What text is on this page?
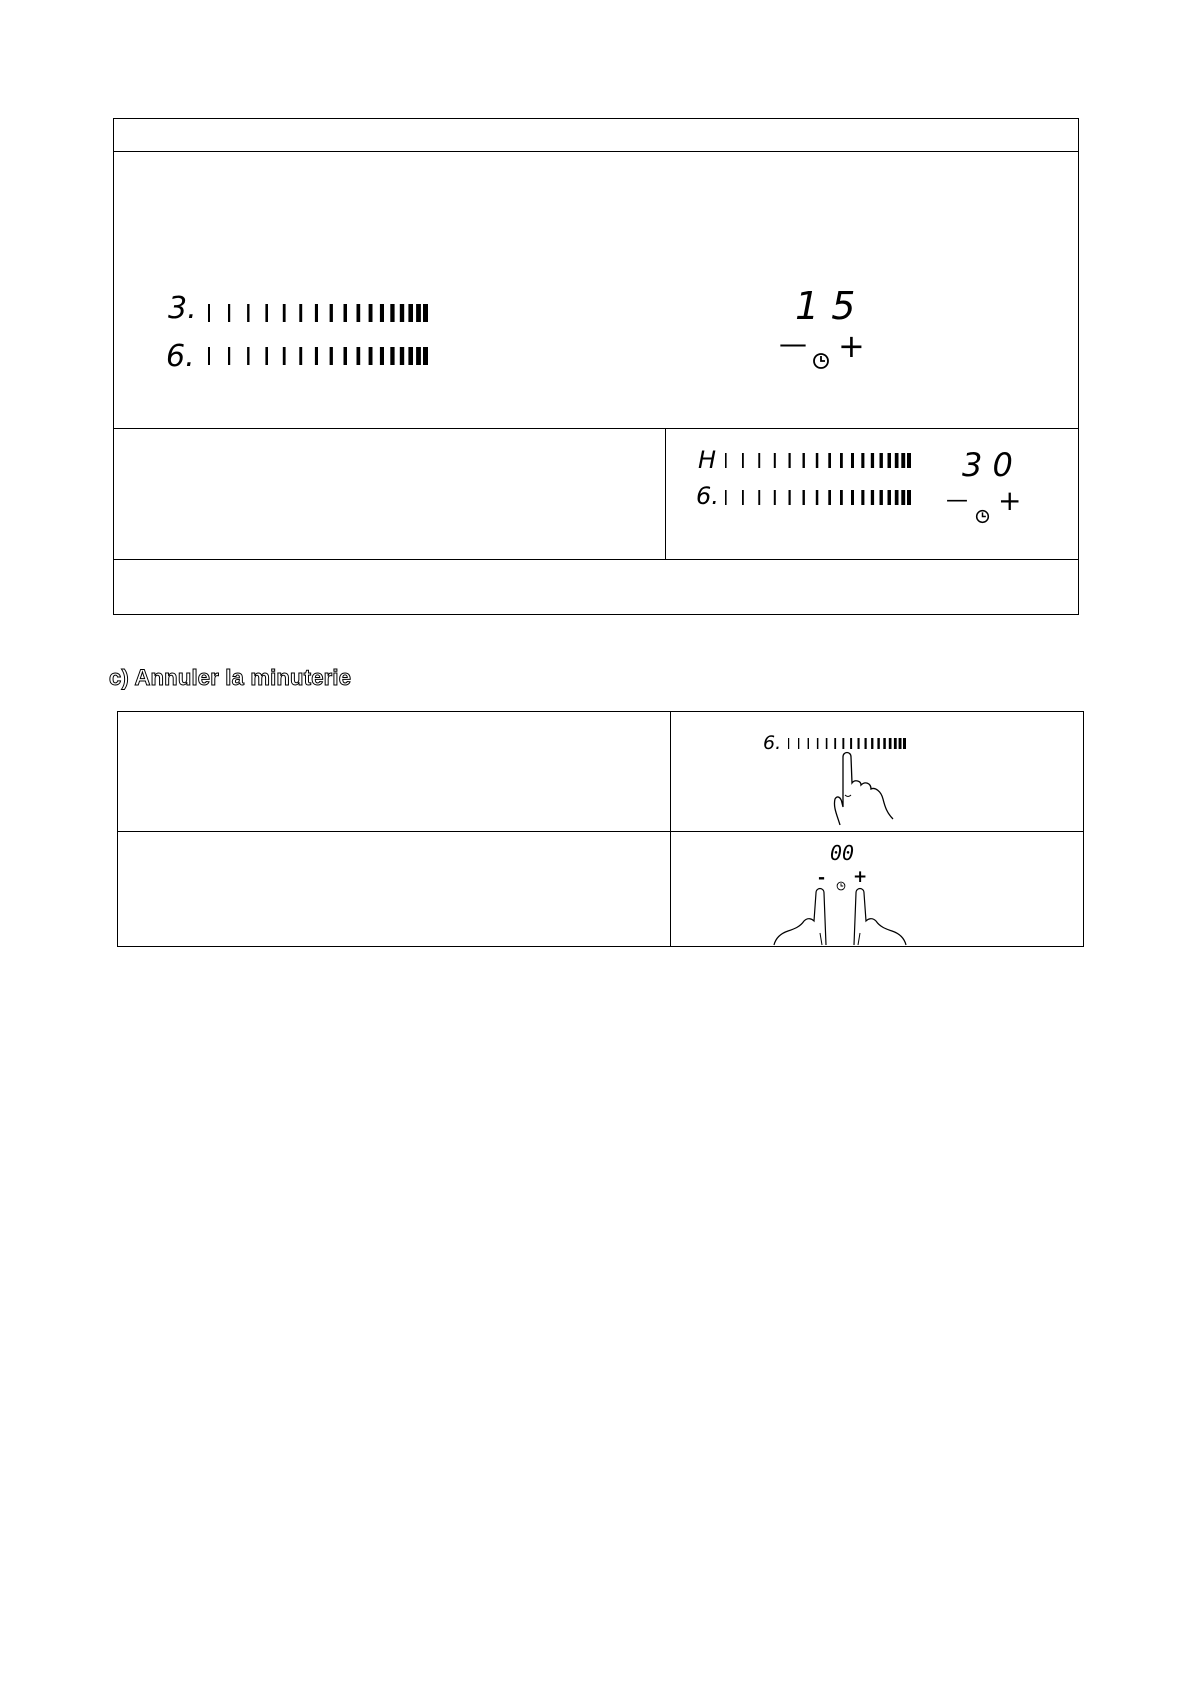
3.
6.
1 5
— +
H
6.
3 0
— +
c) Annuler la minuterie
6.
00
- +
